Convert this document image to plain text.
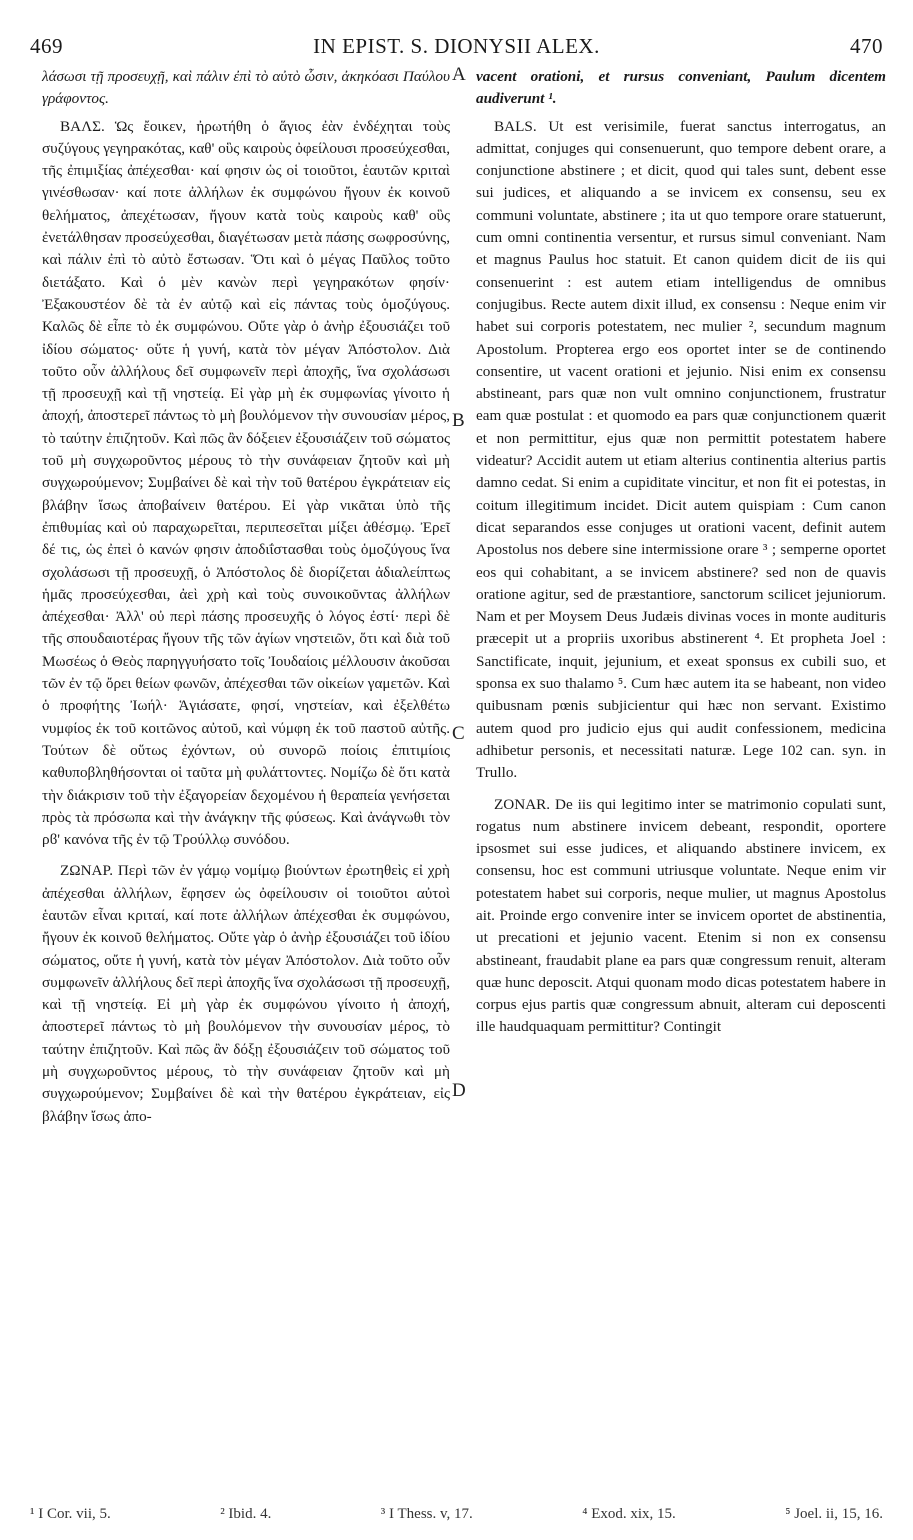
469	IN EPIST. S. DIONYSII ALEX.	470

λάσωσι τῇ προσευχῇ, καὶ πάλιν ἐπὶ τὸ αὐτὸ ὦσιν, ἀκηκόασι Παύλου γράφοντος.

ΒΑΛΣ. Ὡς ἔοικεν, ἠρωτήθη ὁ ἅγιος ἐὰν ἐνδέχηται τοὺς συζύγους γεγηρακότας, καθ' οὓς καιροὺς ὀφείλουσι προσεύχεσθαι, τῆς ἐπιμιξίας ἀπέχεσθαι· καί φησιν ὡς οἱ τοιοῦτοι, ἑαυτῶν κριταὶ γινέσθωσαν· καί ποτε ἀλλήλων ἐκ συμφώνου ἤγουν ἐκ κοινοῦ θελήματος, ἀπεχέτωσαν, ἤγουν κατὰ τοὺς καιροὺς καθ' οὓς ἐνετάλθησαν προσεύχεσθαι, διαγέτωσαν μετὰ πάσης σωφροσύνης, καὶ πάλιν ἐπὶ τὸ αὐτὸ ἔστωσαν. Ὅτι καὶ ὁ μέγας Παῦλος τοῦτο διετάξατο. Καὶ ὁ μὲν κανὼν περὶ γεγηρακότων φησίν· Ἐξακουστέον δὲ τὰ ἐν αὐτῷ καὶ εἰς πάντας τοὺς ὁμοζύγους. Καλῶς δὲ εἶπε τὸ ἐκ συμφώνου. Οὔτε γὰρ ὁ ἀνὴρ ἐξουσιάζει τοῦ ἰδίου σώματος· οὔτε ἡ γυνή, κατὰ τὸν μέγαν Ἀπόστολον. Διὰ τοῦτο οὖν ἀλλήλους δεῖ συμφωνεῖν περὶ ἀποχῆς, ἵνα σχολάσωσι τῇ προσευχῇ καὶ τῇ νηστείᾳ. Εἰ γὰρ μὴ ἐκ συμφωνίας γίνοιτο ἡ ἀποχή, ἀποστερεῖ πάντως τὸ μὴ βουλόμενον τὴν συνουσίαν μέρος, τὸ ταύτην ἐπιζητοῦν. Καὶ πῶς ἂν δόξειεν ἐξουσιάζειν τοῦ σώματος τοῦ μὴ συγχωροῦντος μέρους τὸ τὴν συνάφειαν ζητοῦν καὶ μὴ συγχωρούμενον; Συμβαίνει δὲ καὶ τὴν τοῦ θατέρου ἐγκράτειαν εἰς βλάβην ἴσως ἀποβαίνειν θατέρου. Εἰ γὰρ νικᾶται ὑπὸ τῆς ἐπιθυμίας καὶ οὐ παραχωρεῖται, περιπεσεῖται μίξει ἀθέσμῳ. Ἐρεῖ δέ τις, ὡς ἐπεὶ ὁ κανών φησιν ἀποδιΐστασθαι τοὺς ὁμοζύγους ἵνα σχολάσωσι τῇ προσευχῇ, ὁ Ἀπόστολος δὲ διορίζεται ἀδιαλείπτως ἡμᾶς προσεύχεσθαι, ἀεὶ χρὴ καὶ τοὺς συνοικοῦντας ἀλλήλων ἀπέχεσθαι· Ἀλλ' οὐ περὶ πάσης προσευχῆς ὁ λόγος ἐστί· περὶ δὲ τῆς σπουδαιοτέρας ἤγουν τῆς τῶν ἁγίων νηστειῶν, ὅτι καὶ διὰ τοῦ Μωσέως ὁ Θεὸς παρηγγυήσατο τοῖς Ἰουδαίοις μέλλουσιν ἀκοῦσαι τῶν ἐν τῷ ὄρει θείων φωνῶν, ἀπέχεσθαι τῶν οἰκείων γαμετῶν. Καὶ ὁ προφήτης Ἰωήλ· Ἁγιάσατε, φησί, νηστείαν, καὶ ἐξελθέτω νυμφίος ἐκ τοῦ κοιτῶνος αὐτοῦ, καὶ νύμφη ἐκ τοῦ παστοῦ αὐτῆς. Τούτων δὲ οὕτως ἐχόντων, οὐ συνορῶ ποίοις ἐπιτιμίοις καθυποβληθήσονται οἱ ταῦτα μὴ φυλάττοντες. Νομίζω δὲ ὅτι κατὰ τὴν διάκρισιν τοῦ τὴν ἐξαγορείαν δεχομένου ἡ θεραπεία γενήσεται πρὸς τὰ πρόσωπα καὶ τὴν ἀνάγκην τῆς φύσεως. Καὶ ἀνάγνωθι τὸν ρϐ' κανόνα τῆς ἐν τῷ Τρούλλῳ συνόδου.

ΖΩΝΑΡ. Περὶ τῶν ἐν γάμῳ νομίμῳ βιούντων ἐρωτηθεὶς εἰ χρὴ ἀπέχεσθαι ἀλλήλων, ἔφησεν ὡς ὀφείλουσιν οἱ τοιοῦτοι αὐτοὶ ἑαυτῶν εἶναι κριταί, καί ποτε ἀλλήλων ἀπέχεσθαι ἐκ συμφώνου, ἤγουν ἐκ κοινοῦ θελήματος. Οὔτε γὰρ ὁ ἀνὴρ ἐξουσιάζει τοῦ ἰδίου σώματος, οὔτε ἡ γυνή, κατὰ τὸν μέγαν Ἀπόστολον. Διὰ τοῦτο οὖν συμφωνεῖν ἀλλήλους δεῖ περὶ ἀποχῆς ἵνα σχολάσωσι τῇ προσευχῇ, καὶ τῇ νηστείᾳ. Εἰ μὴ γὰρ ἐκ συμφώνου γίνοιτο ἡ ἀποχή, ἀποστερεῖ πάντως τὸ μὴ βουλόμενον τὴν συνουσίαν μέρος, τὸ ταύτην ἐπιζητοῦν. Καὶ πῶς ἂν δόξῃ ἐξουσιάζειν τοῦ σώματος τοῦ μὴ συγχωροῦντος μέρους, τὸ τὴν συνάφειαν ζητοῦν καὶ μὴ συγχωρούμενον; Συμβαίνει δὲ καὶ τὴν θατέρου ἐγκράτειαν, εἰς βλάβην ἴσως ἀπο-

vacent orationi, et rursus conveniant, Paulum dicentem audiverunt ¹.

BALS. Ut est verisimile, fuerat sanctus interrogatus, an admittat, conjuges qui consenuerunt, quo tempore debent orare, a conjunctione abstinere ; et dicit, quod qui tales sunt, debent esse sui judices, et aliquando a se invicem ex consensu, seu ex communi voluntate, abstinere ; ita ut quo tempore orare statuerunt, cum omni continentia versentur, et rursus simul conveniant. Nam et magnus Paulus hoc statuit. Et canon quidem dicit de iis qui consenuerint : est autem etiam intelligendus de omnibus conjugibus. Recte autem dixit illud, ex consensu : Neque enim vir habet sui corporis potestatem, nec mulier ², secundum magnum Apostolum. Propterea ergo eos oportet inter se de continendo consentire, ut vacent orationi et jejunio. Nisi enim ex consensu abstineant, pars quæ non vult omnino conjunctionem, frustratur eam quæ postulat : et quomodo ea pars quæ conjunctionem quærit et non permittitur, ejus quæ non permittit potestatem habere videatur? Accidit autem ut etiam alterius continentia alterius partis damno cedat. Si enim a cupiditate vincitur, et non fit ei potestas, in coitum illegitimum incidet. Dicit autem quispiam : Cum canon dicat separandos esse conjuges ut orationi vacent, definit autem Apostolus nos debere sine intermissione orare ³ ; semperne oportet eos qui cohabitant, a se invicem abstinere? sed non de quavis oratione agitur, sed de præstantiore, sanctorum scilicet jejuniorum. Nam et per Moysem Deus Judæis divinas voces in monte audituris præcepit ut a propriis uxoribus abstinerent ⁴. Et propheta Joel : Sanctificate, inquit, jejunium, et exeat sponsus ex cubili suo, et sponsa ex suo thalamo ⁵. Cum hæc autem ita se habeant, non video quibusnam pœnis subjicientur qui hæc non servant. Existimo autem quod pro judicio ejus qui audit confessionem, medicina adhibetur personis, et necessitati naturæ. Lege 102 can. syn. in Trullo.

ZONAR. De iis qui legitimo inter se matrimonio copulati sunt, rogatus num abstinere invicem debeant, respondit, oportere ipsosmet sui esse judices, et aliquando abstinere invicem, ex consensu, hoc est communi utriusque voluntate. Neque enim vir potestatem habet sui corporis, neque mulier, ut magnus Apostolus ait. Proinde ergo convenire inter se invicem oportet de abstinentia, ut precationi et jejunio vacent. Etenim si non ex consensu abstineant, fraudabit plane ea pars quæ congressum renuit, alteram quæ hunc deposcit. Atqui quonam modo dicas potestatem habere in corpus ejus partis quæ congressum abnuit, alteram cui deposcenti ille haudquaquam permittitur? Contingit

A
B
C
D
¹ I Cor. vii, 5.	² Ibid. 4.	³ I Thess. v, 17.	⁴ Exod. xix, 15.	⁵ Joel. ii, 15, 16.
